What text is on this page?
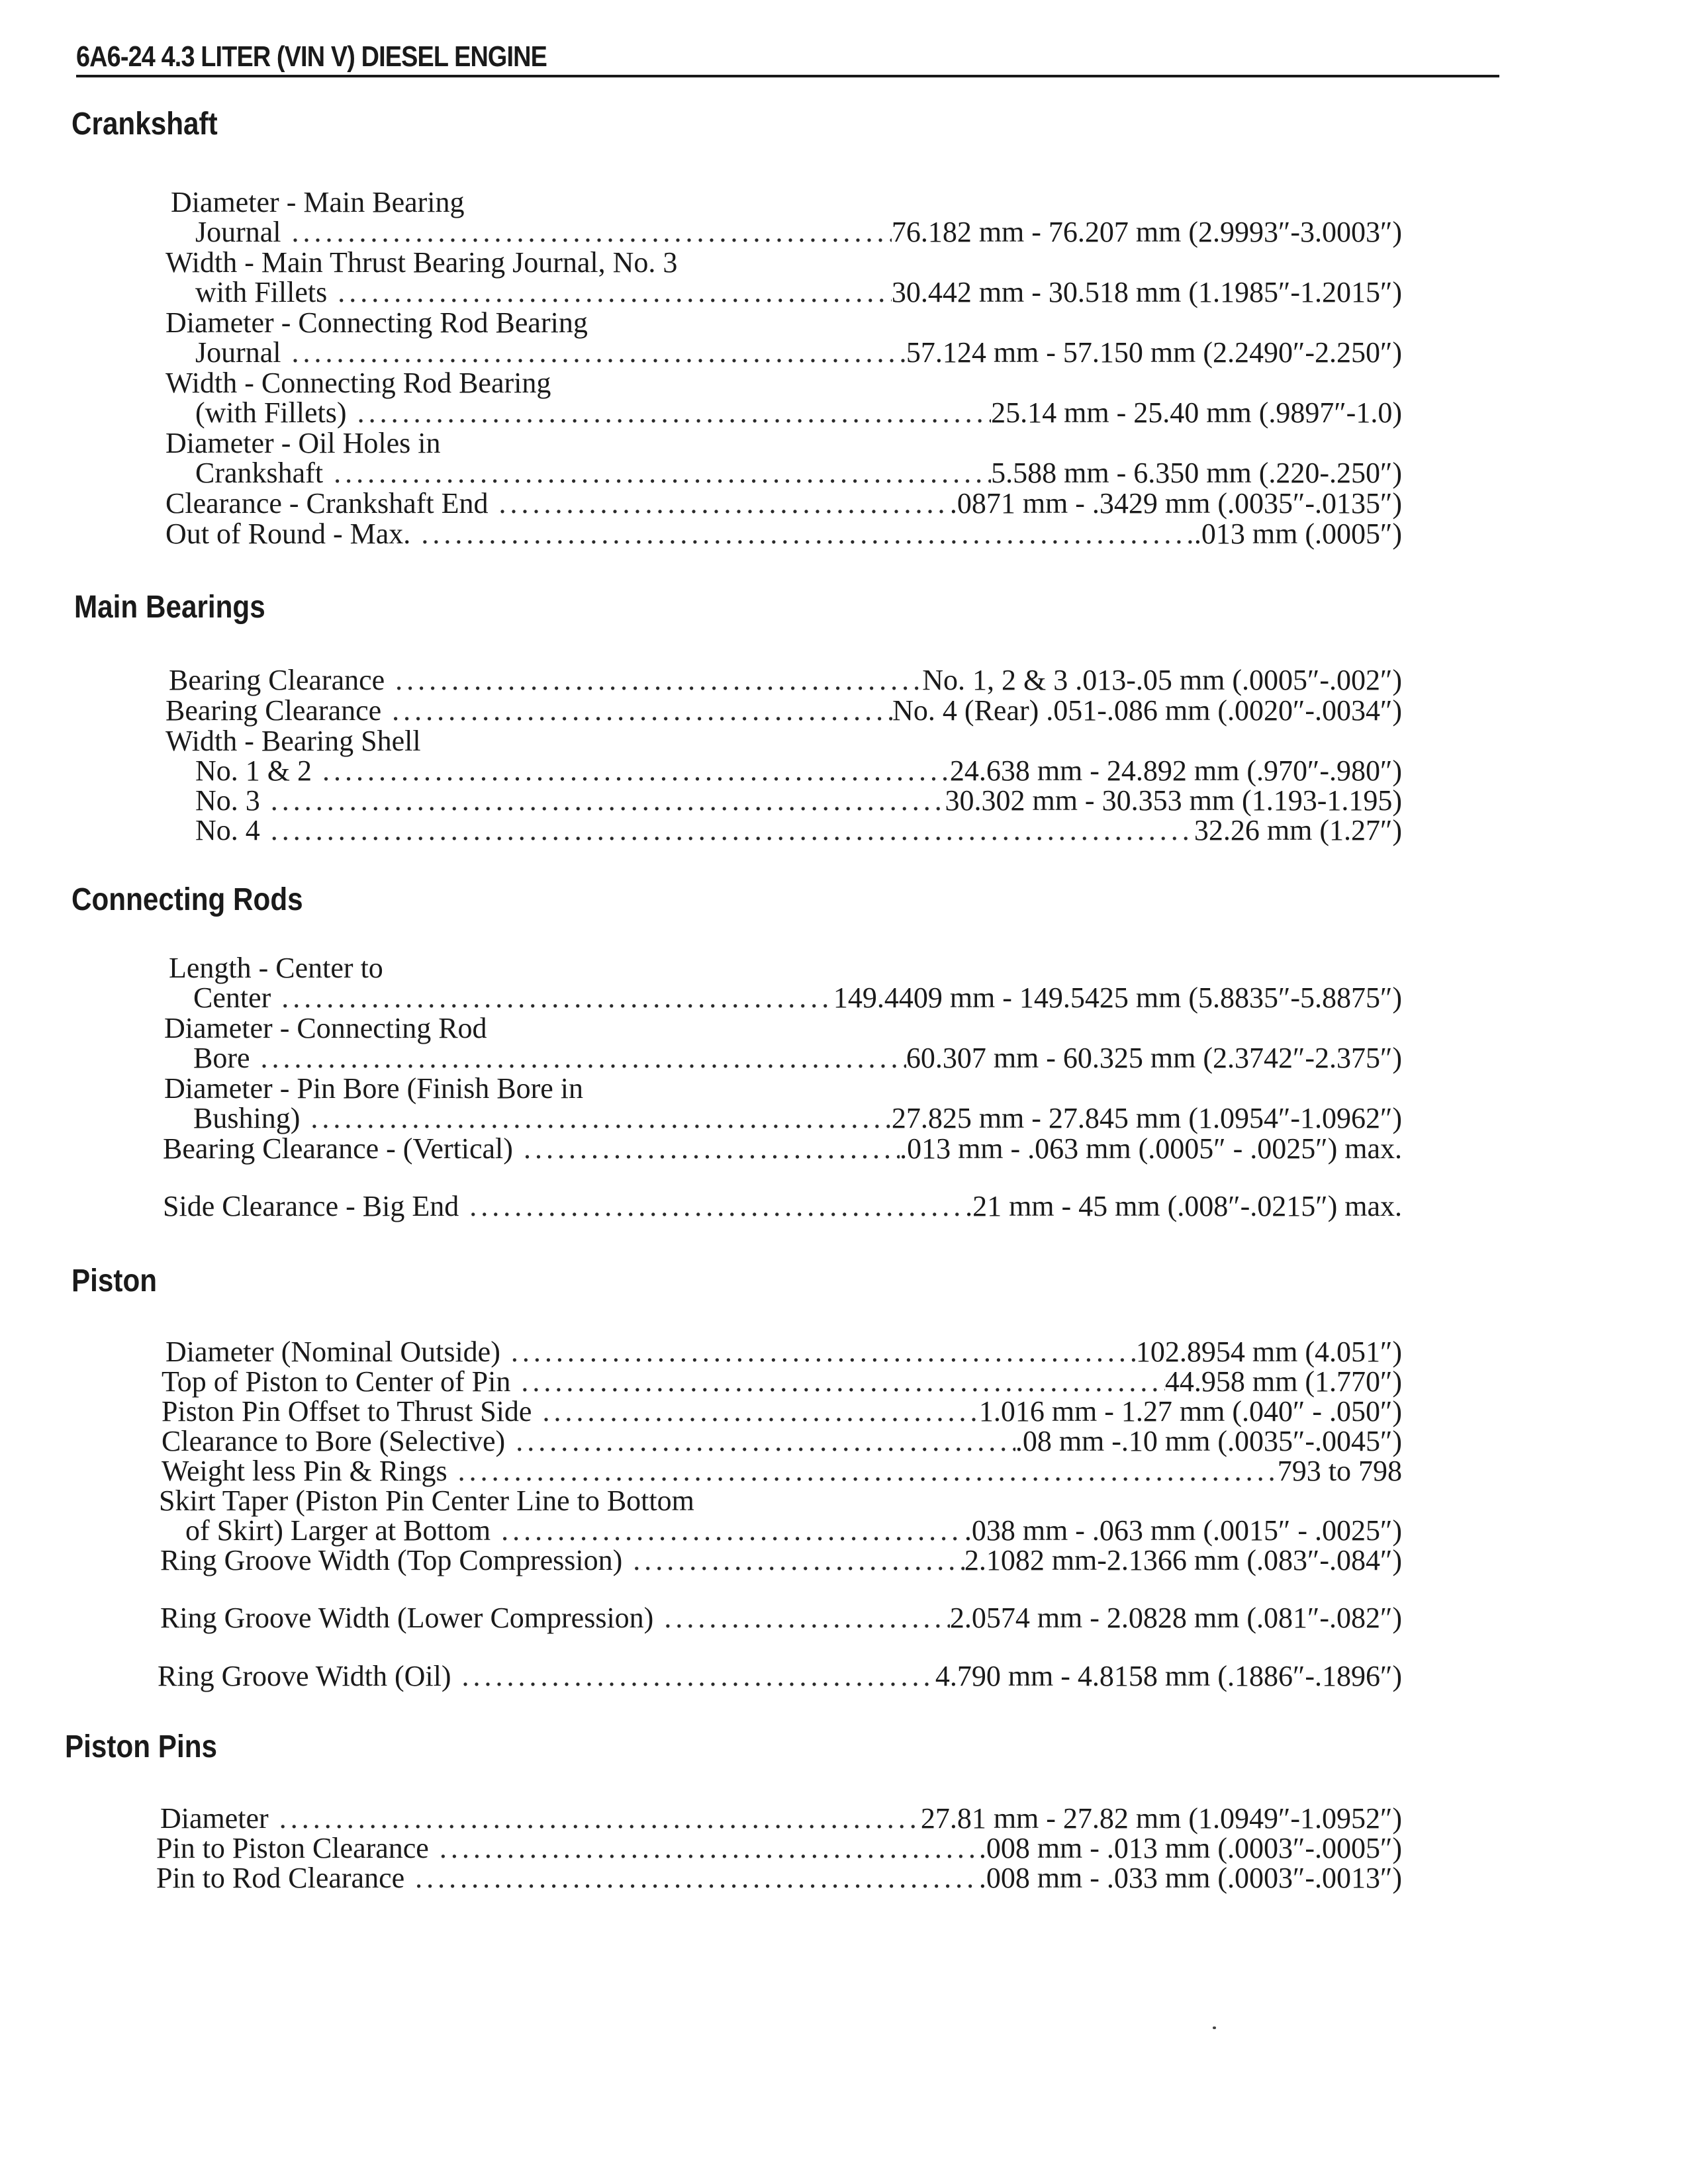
6A6-24 4.3 LITER (VIN V) DIESEL ENGINE
Crankshaft
Diameter - Main Bearing
Journal .....	76.182 mm - 76.207 mm (2.9993″-3.0003″)
Width - Main Thrust Bearing Journal, No. 3
with Fillets .....	30.442 mm - 30.518 mm (1.1985″-1.2015″)
Diameter - Connecting Rod Bearing
Journal .....	57.124 mm - 57.150 mm (2.2490″-2.250″)
Width - Connecting Rod Bearing
(with Fillets) .....	25.14 mm - 25.40 mm (.9897″-1.0)
Diameter - Oil Holes in
Crankshaft .....	5.588 mm - 6.350 mm (.220-.250″)
Clearance - Crankshaft End .....	.0871 mm - .3429 mm (.0035″-.0135″)
Out of Round - Max. .....	.013 mm (.0005″)
Main Bearings
Bearing Clearance .....	No. 1, 2 & 3 .013-.05 mm (.0005″-.002″)
Bearing Clearance .....	No. 4 (Rear) .051-.086 mm (.0020″-.0034″)
Width - Bearing Shell
No. 1 & 2 .....	24.638 mm - 24.892 mm (.970″-.980″)
No. 3 .....	30.302 mm - 30.353 mm (1.193-1.195)
No. 4 .....	32.26 mm (1.27″)
Connecting Rods
Length - Center to
Center .....	149.4409 mm - 149.5425 mm (5.8835″-5.8875″)
Diameter - Connecting Rod
Bore .....	60.307 mm - 60.325 mm (2.3742″-2.375″)
Diameter - Pin Bore (Finish Bore in
Bushing) .....	27.825 mm - 27.845 mm (1.0954″-1.0962″)
Bearing Clearance - (Vertical) .....	.013 mm - .063 mm (.0005″ - .0025″) max.
Side Clearance - Big End .....	.21 mm - 45 mm (.008″-.0215″) max.
Piston
Diameter (Nominal Outside) .....	102.8954 mm (4.051″)
Top of Piston to Center of Pin .....	44.958 mm (1.770″)
Piston Pin Offset to Thrust Side .....	1.016 mm - 1.27 mm (.040″ - .050″)
Clearance to Bore (Selective) .....	.08 mm -.10 mm (.0035″-.0045″)
Weight less Pin & Rings .....	793 to 798
Skirt Taper (Piston Pin Center Line to Bottom
of Skirt) Larger at Bottom .....	.038 mm - .063 mm (.0015″ - .0025″)
Ring Groove Width (Top Compression) .....	2.1082 mm-2.1366 mm (.083″-.084″)
Ring Groove Width (Lower Compression) .....	2.0574 mm - 2.0828 mm (.081″-.082″)
Ring Groove Width (Oil) .....	4.790 mm - 4.8158 mm (.1886″-.1896″)
Piston Pins
Diameter .....	27.81 mm - 27.82 mm (1.0949″-1.0952″)
Pin to Piston Clearance .....	.008 mm - .013 mm (.0003″-.0005″)
Pin to Rod Clearance .....	.008 mm - .033 mm (.0003″-.0013″)
